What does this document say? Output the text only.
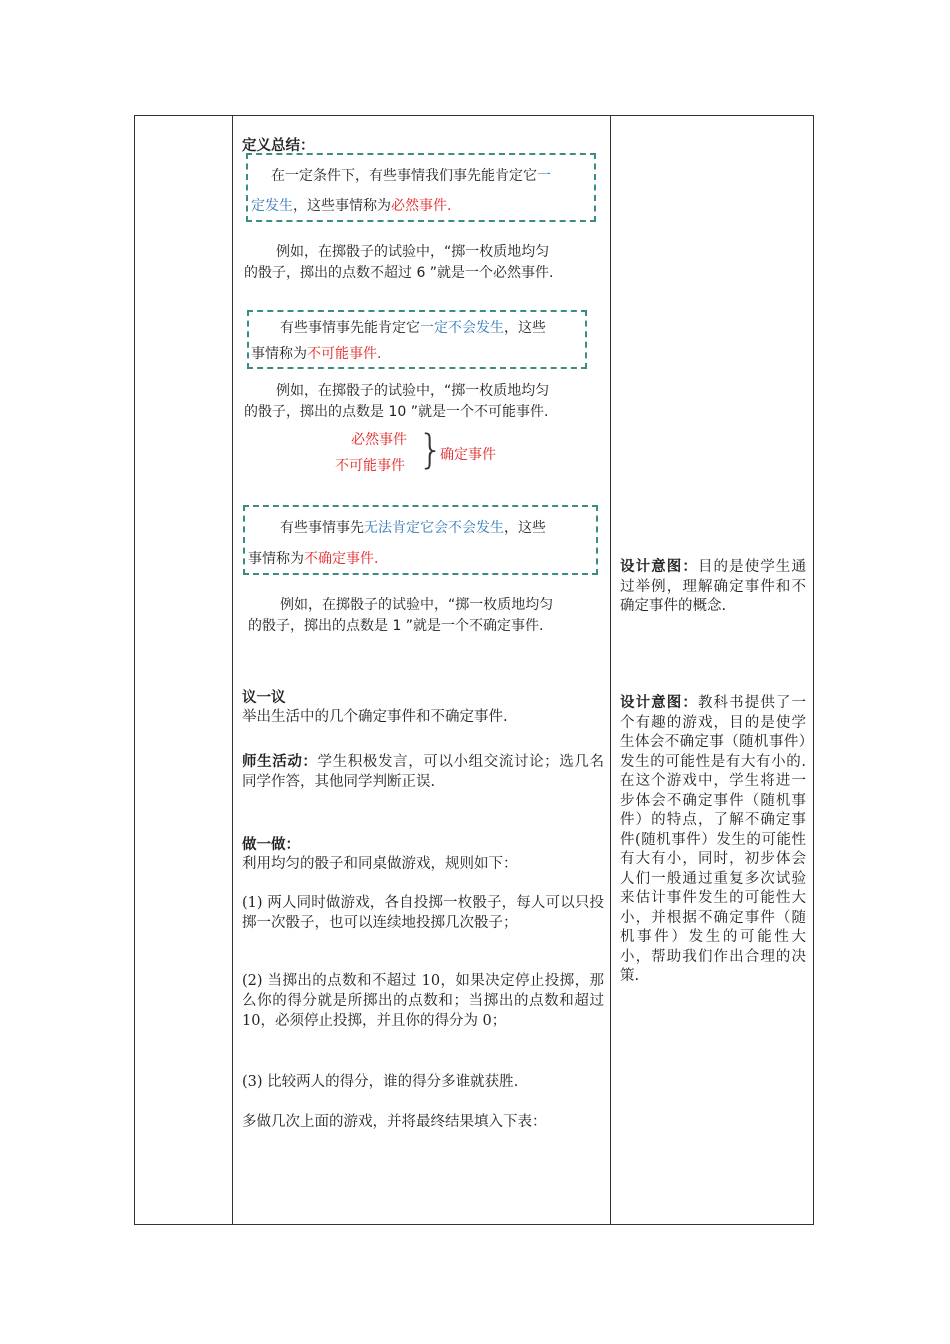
定义总结：
在一定条件下，有些事情我们事先能肯定它一
定发生，这些事情称为必然事件.
例如，在掷骰子的试验中，“掷一枚质地均匀
的骰子，掷出的点数不超过 6 ”就是一个必然事件.
有些事情事先能肯定它一定不会发生，这些
事情称为不可能事件.
例如，在掷骰子的试验中，“掷一枚质地均匀
的骰子，掷出的点数是 10 ”就是一个不可能事件.
必然事件
不可能事件 }
确定事件
有些事情事先无法肯定它会不会发生，这些
事情称为不确定事件.
例如，在掷骰子的试验中，“掷一枚质地均匀
的骰子，掷出的点数是 1 ”就是一个不确定事件.
议一议
举出生活中的几个确定事件和不确定事件.
师生活动：学生积极发言，可以小组交流讨论；选几名同学作答，其他同学判断正误.
做一做：
利用均匀的骰子和同桌做游戏，规则如下：
(1) 两人同时做游戏，各自投掷一枚骰子，每人可以只投掷一次骰子，也可以连续地投掷几次骰子；
(2) 当掷出的点数和不超过 10，如果决定停止投掷，那么你的得分就是所掷出的点数和；当掷出的点数和超过 10，必须停止投掷，并且你的得分为 0；
(3) 比较两人的得分，谁的得分多谁就获胜.
多做几次上面的游戏，并将最终结果填入下表：
设计意图：目的是使学生通过举例，理解确定事件和不确定事件的概念.
设计意图：教科书提供了一个有趣的游戏，目的是使学生体会不确定事（随机事件）发生的可能性是有大有小的.在这个游戏中，学生将进一步体会不确定事件（随机事件）的特点，了解不确定事件(随机事件）发生的可能性有大有小，同时，初步体会人们一般通过重复多次试验来估计事件发生的可能性大小，并根据不确定事件（随机事件）发生的可能性大小，帮助我们作出合理的决策.
